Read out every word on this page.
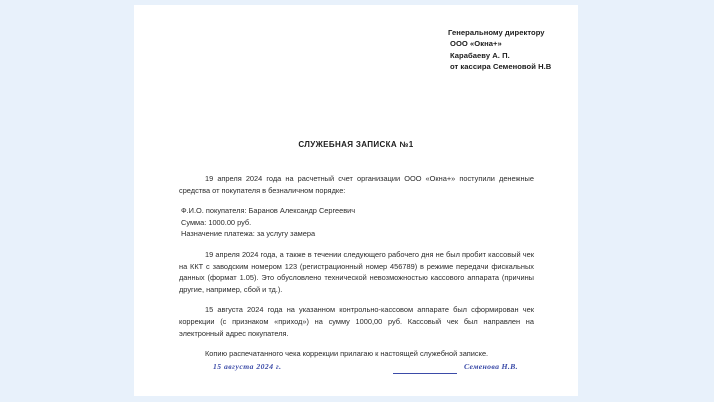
Генеральному директору
ООО «Окна+»
Карабаеву А. П.
от кассира Семеновой Н.В
СЛУЖЕБНАЯ ЗАПИСКА №1

19 апреля 2024 года на расчетный счет организации ООО «Окна+» поступили денежные средства от покупателя в безналичном порядке:

Ф.И.О. покупателя: Баранов Александр Сергеевич

Сумма: 1000.00 руб.

Назначение платежа: за услугу замера

19 апреля 2024 года, а также в течении следующего рабочего дня не был пробит кассовый чек на ККТ с заводским номером 123 (регистрационный номер 456789) в режиме передачи фискальных данных (формат 1.05). Это обусловлено технической невозможностью кассового аппарата (причины другие, например, сбой и тд.).

15 августа 2024 года на указанном контрольно-кассовом аппарате был сформирован чек коррекции (с признаком «приход») на сумму 1000,00 руб. Кассовый чек был направлен на электронный адрес покупателя.

Копию распечатанного чека коррекции прилагаю к настоящей служебной записке.

15 августа 2024 г.	Семенова Н.В.
